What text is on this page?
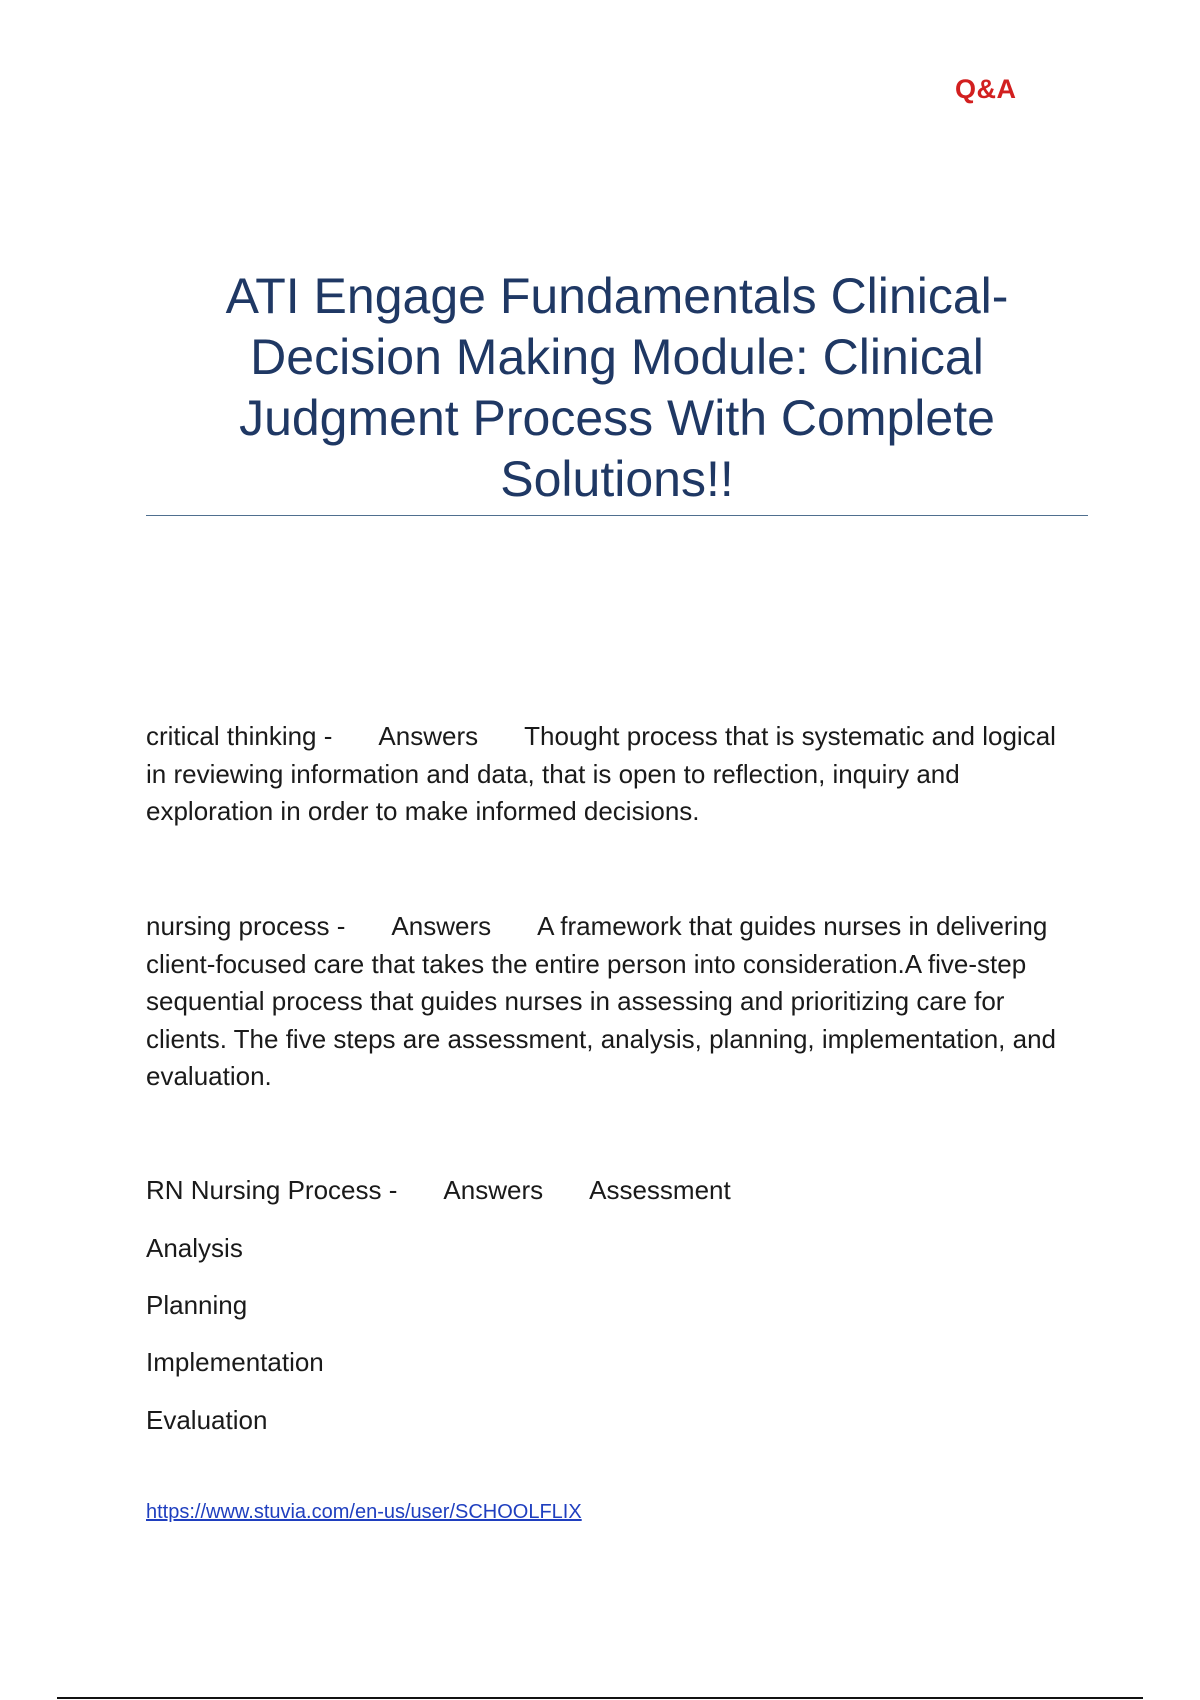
Q&A
ATI Engage Fundamentals Clinical-Decision Making Module: Clinical Judgment Process With Complete Solutions!!
critical thinking - Answers Thought process that is systematic and logical in reviewing information and data, that is open to reflection, inquiry and exploration in order to make informed decisions.
nursing process - Answers A framework that guides nurses in delivering client-focused care that takes the entire person into consideration.A five-step sequential process that guides nurses in assessing and prioritizing care for clients. The five steps are assessment, analysis, planning, implementation, and evaluation.
RN Nursing Process - Answers Assessment
Analysis
Planning
Implementation
Evaluation
https://www.stuvia.com/en-us/user/SCHOOLFLIX
